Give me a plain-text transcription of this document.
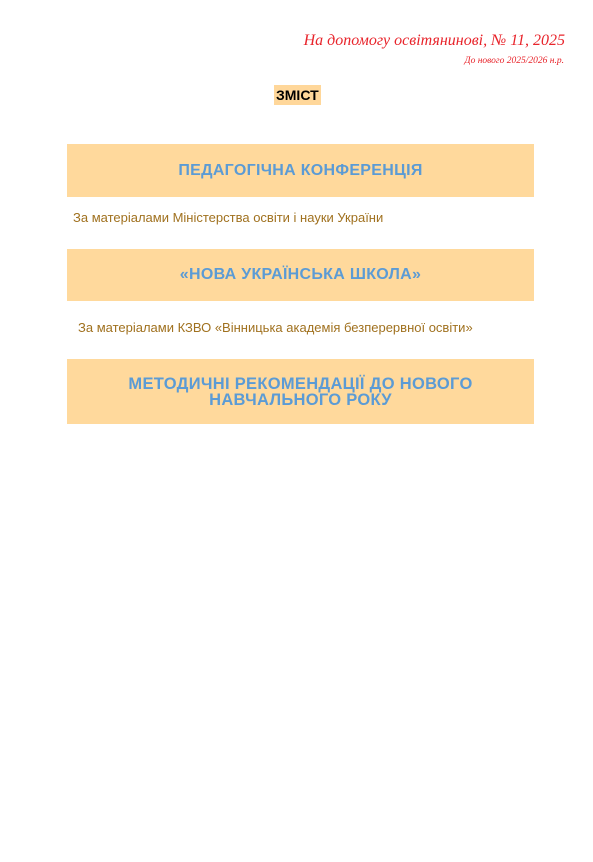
На допомогу освітянинові, № 11, 2025
До нового 2025/2026 н.р.
ЗМІСТ
ПЕДАГОГІЧНА КОНФЕРЕНЦІЯ
За матеріалами Міністерства освіти і науки України
«НОВА УКРАЇНСЬКА ШКОЛА»
За матеріалами КЗВО «Вінницька академія безперервної освіти»
МЕТОДИЧНІ РЕКОМЕНДАЦІЇ ДО НОВОГО НАВЧАЛЬНОГО РОКУ
